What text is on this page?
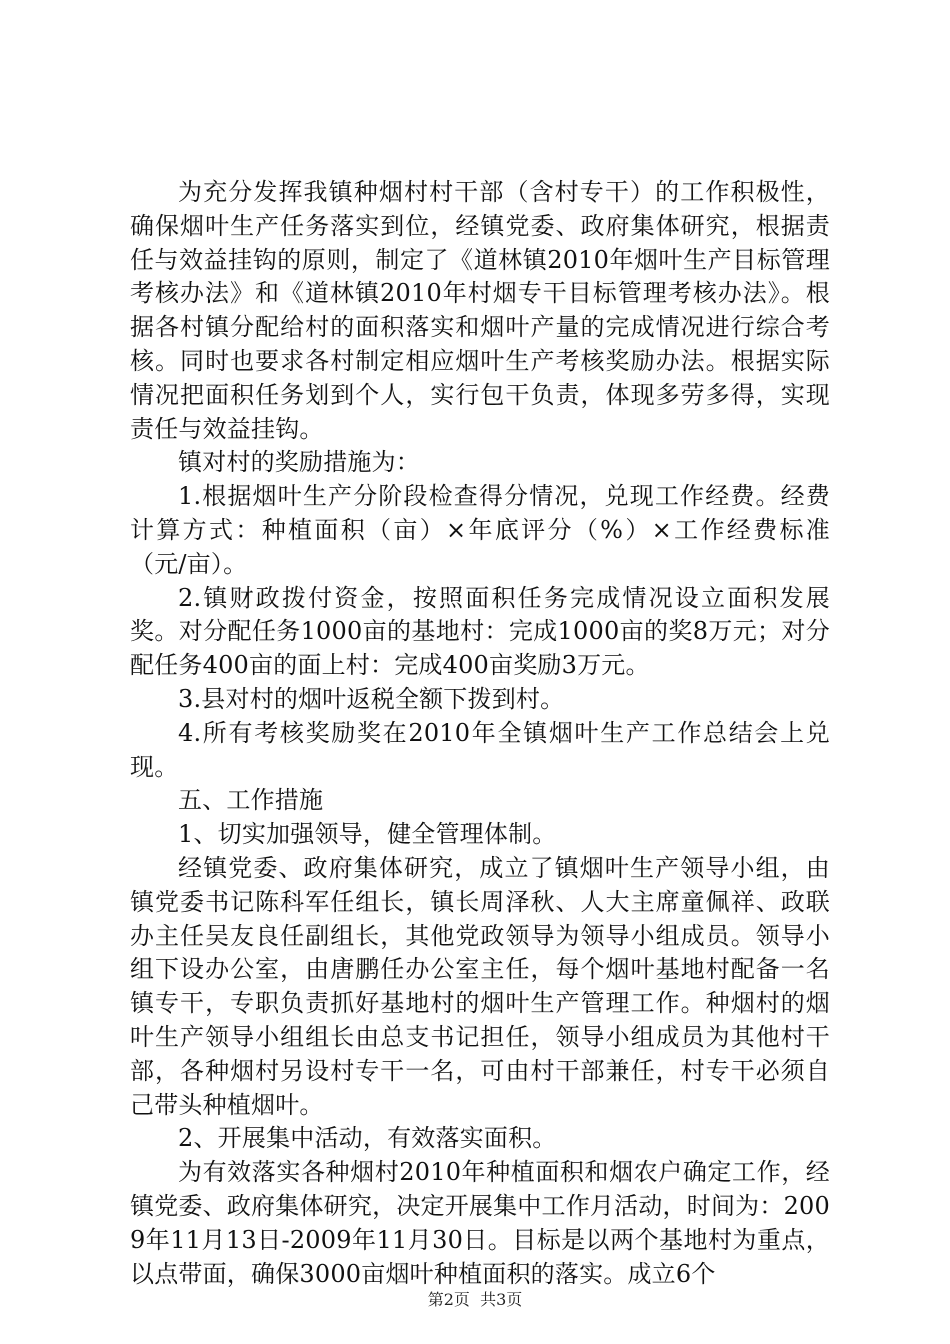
为充分发挥我镇种烟村村干部（含村专干）的工作积极性，确保烟叶生产任务落实到位，经镇党委、政府集体研究，根据责任与效益挂钩的原则，制定了《道林镇2010年烟叶生产目标管理考核办法》和《道林镇2010年村烟专干目标管理考核办法》。根据各村镇分配给村的面积落实和烟叶产量的完成情况进行综合考核。同时也要求各村制定相应烟叶生产考核奖励办法。根据实际情况把面积任务划到个人，实行包干负责，体现多劳多得，实现责任与效益挂钩。

镇对村的奖励措施为：

1.根据烟叶生产分阶段检查得分情况，兑现工作经费。经费计算方式：种植面积（亩）×年底评分（%）×工作经费标准（元/亩）。

2.镇财政拨付资金，按照面积任务完成情况设立面积发展奖。对分配任务1000亩的基地村：完成1000亩的奖8万元；对分配任务400亩的面上村：完成400亩奖励3万元。

3.县对村的烟叶返税全额下拨到村。

4.所有考核奖励奖在2010年全镇烟叶生产工作总结会上兑现。

五、工作措施

1、切实加强领导，健全管理体制。

经镇党委、政府集体研究，成立了镇烟叶生产领导小组，由镇党委书记陈科军任组长，镇长周泽秋、人大主席童佩祥、政联办主任吴友良任副组长，其他党政领导为领导小组成员。领导小组下设办公室，由唐鹏任办公室主任，每个烟叶基地村配备一名镇专干，专职负责抓好基地村的烟叶生产管理工作。种烟村的烟叶生产领导小组组长由总支书记担任，领导小组成员为其他村干部，各种烟村另设村专干一名，可由村干部兼任，村专干必须自己带头种植烟叶。

2、开展集中活动，有效落实面积。

为有效落实各种烟村2010年种植面积和烟农户确定工作，经镇党委、政府集体研究，决定开展集中工作月活动，时间为：2009年11月13日-2009年11月30日。目标是以两个基地村为重点，以点带面，确保3000亩烟叶种植面积的落实。成立6个

第2页  共3页
